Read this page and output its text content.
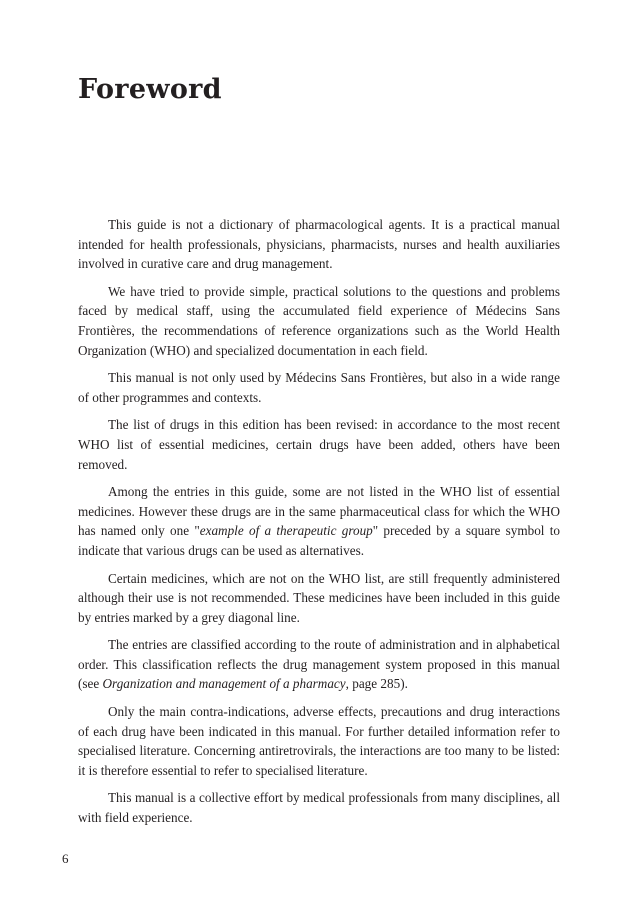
Foreword

This guide is not a dictionary of pharmacological agents. It is a practical manual intended for health professionals, physicians, pharmacists, nurses and health auxiliaries involved in curative care and drug management.

We have tried to provide simple, practical solutions to the questions and problems faced by medical staff, using the accumulated field experience of Médecins Sans Frontières, the recommendations of reference organizations such as the World Health Organization (WHO) and specialized documentation in each field.

This manual is not only used by Médecins Sans Frontières, but also in a wide range of other programmes and contexts.

The list of drugs in this edition has been revised: in accordance to the most recent WHO list of essential medicines, certain drugs have been added, others have been removed.

Among the entries in this guide, some are not listed in the WHO list of essential medicines. However these drugs are in the same pharmaceutical class for which the WHO has named only one "example of a therapeutic group" preceded by a square symbol to indicate that various drugs can be used as alternatives.

Certain medicines, which are not on the WHO list, are still frequently administered although their use is not recommended. These medicines have been included in this guide by entries marked by a grey diagonal line.

The entries are classified according to the route of administration and in alphabetical order. This classification reflects the drug management system proposed in this manual (see Organization and management of a pharmacy, page 285).

Only the main contra-indications, adverse effects, precautions and drug interactions of each drug have been indicated in this manual. For further detailed information refer to specialised literature. Concerning antiretrovirals, the interactions are too many to be listed: it is therefore essential to refer to specialised literature.

This manual is a collective effort by medical professionals from many disciplines, all with field experience.

6
